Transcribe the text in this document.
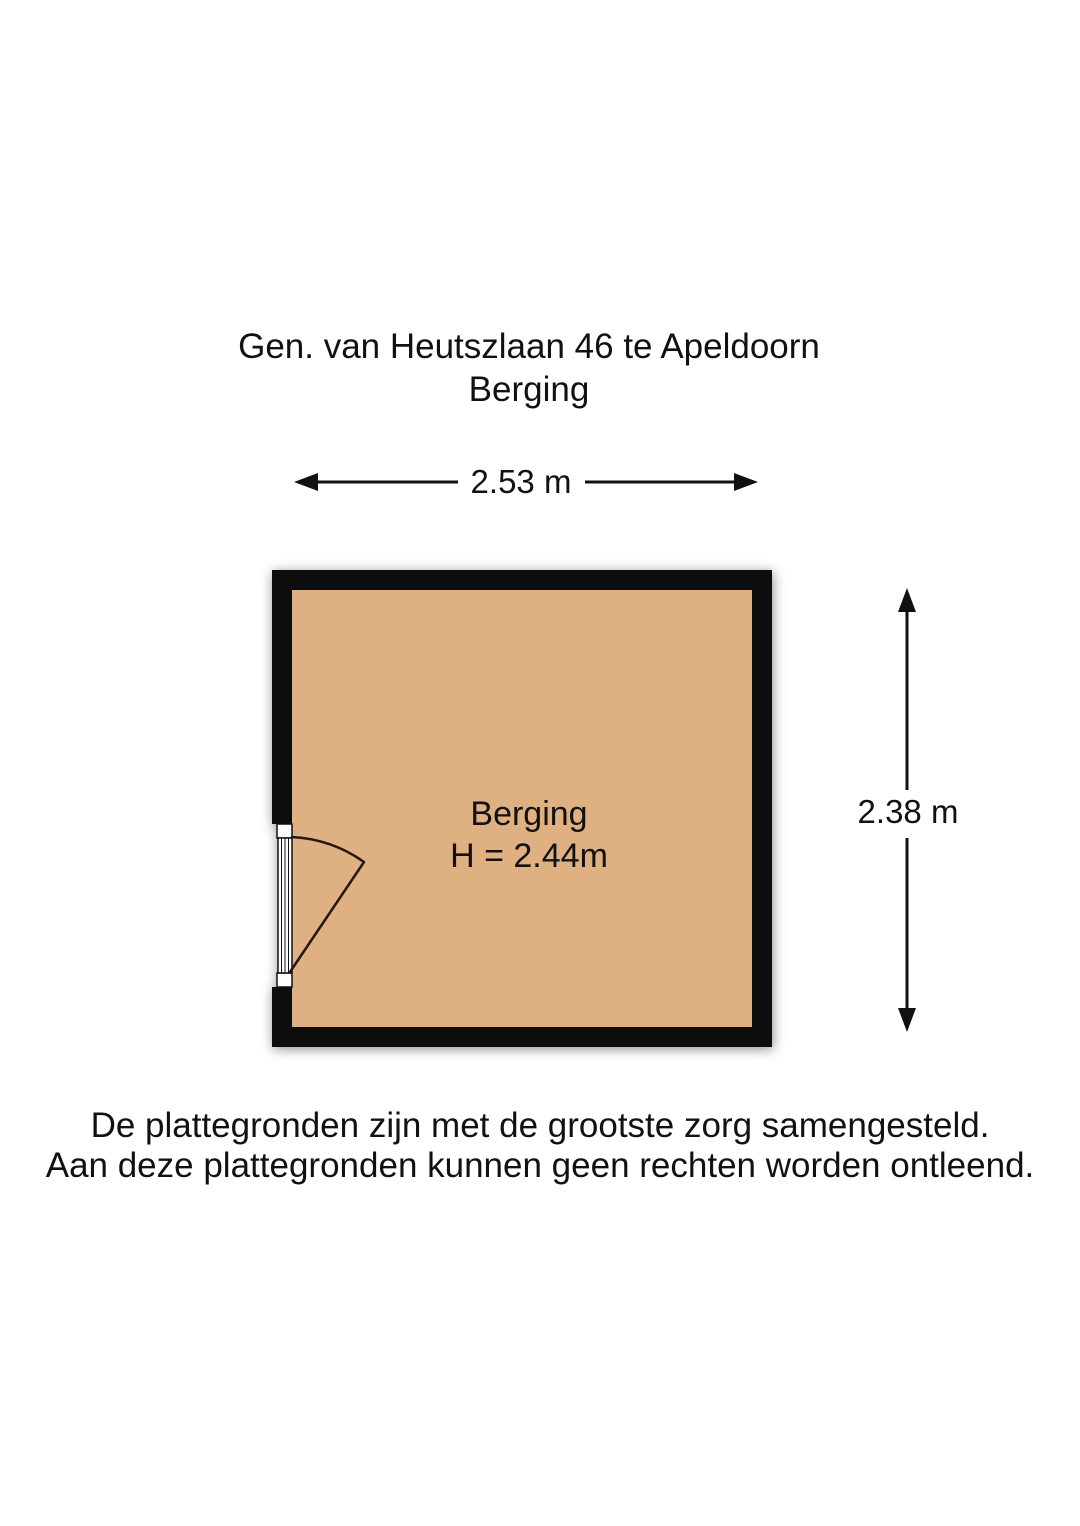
Gen. van Heutszlaan 46 te Apeldoorn
Berging
2.53 m
2.38 m
Berging
H = 2.44m
De plattegronden zijn met de grootste zorg samengesteld.
Aan deze plattegronden kunnen geen rechten worden ontleend.
